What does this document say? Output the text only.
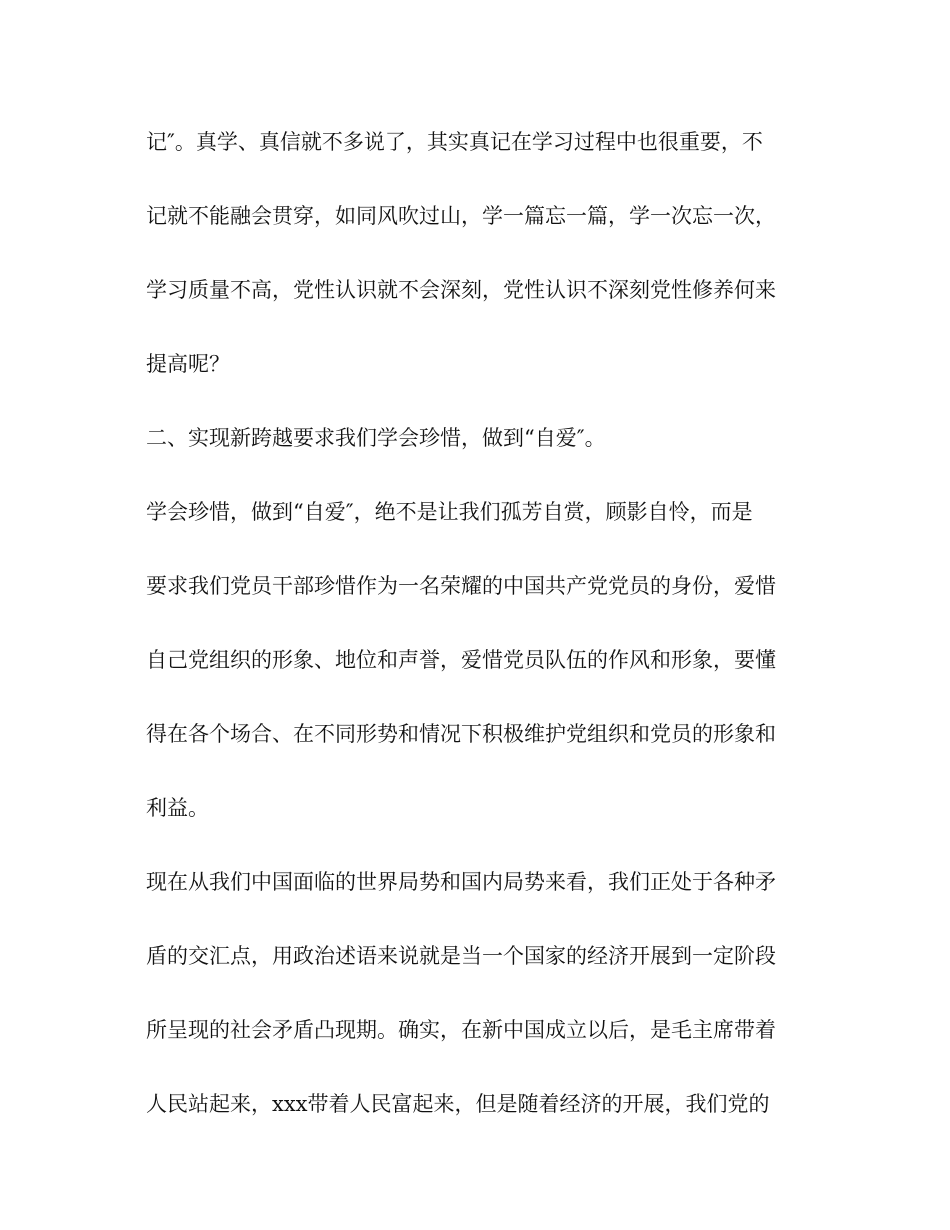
记″。真学、真信就不多说了，其实真记在学习过程中也很重要，不
记就不能融会贯穿，如同风吹过山，学一篇忘一篇，学一次忘一次，
学习质量不高，党性认识就不会深刻，党性认识不深刻党性修养何来
提高呢？
二、实现新跨越要求我们学会珍惜，做到“自爱″。
学会珍惜，做到“自爱″，绝不是让我们孤芳自赏，顾影自怜，而是
要求我们党员干部珍惜作为一名荣耀的中国共产党党员的身份，爱惜
自己党组织的形象、地位和声誉，爱惜党员队伍的作风和形象，要懂
得在各个场合、在不同形势和情况下积极维护党组织和党员的形象和
利益。
现在从我们中国面临的世界局势和国内局势来看，我们正处于各种矛
盾的交汇点，用政治述语来说就是当一个国家的经济开展到一定阶段
所呈现的社会矛盾凸现期。确实，在新中国成立以后，是毛主席带着
人民站起来，xxx带着人民富起来，但是随着经济的开展，我们党的
